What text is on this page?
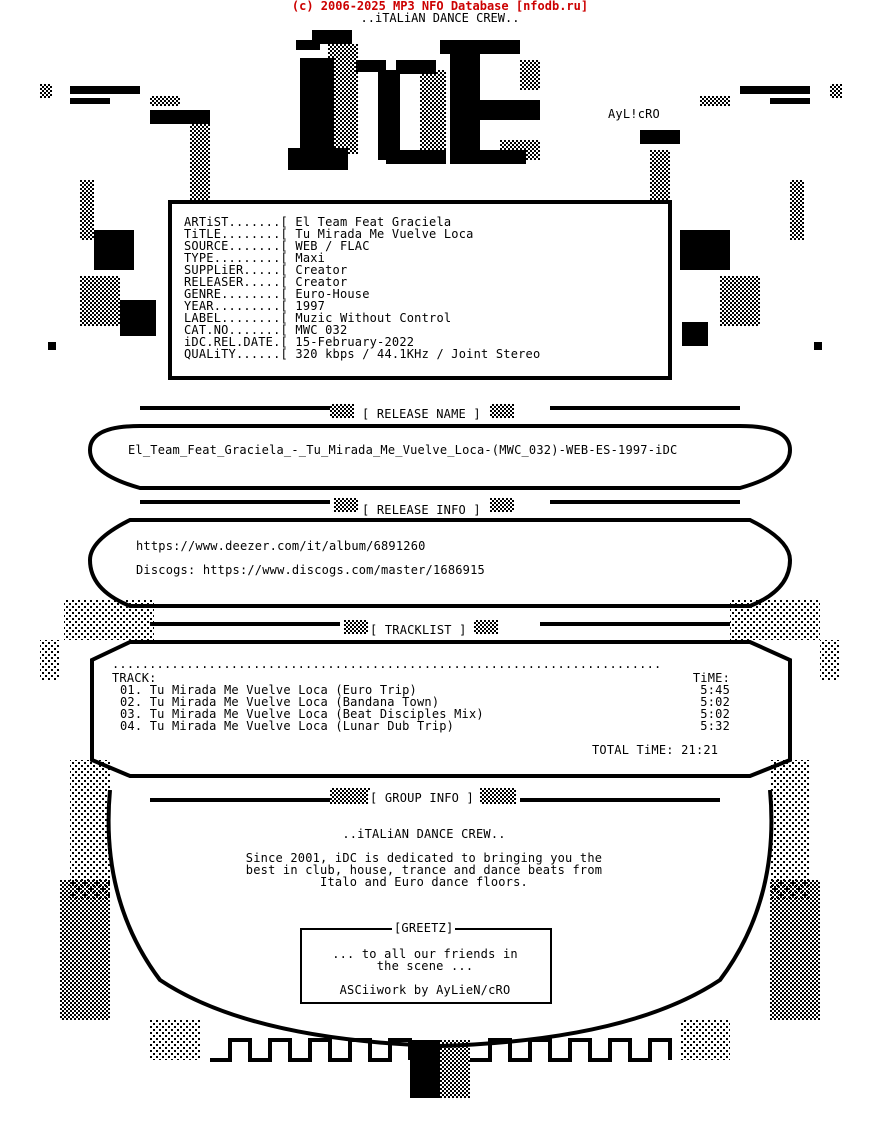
(c) 2006-2025 MP3 NFO Database [nfodb.ru]
..iTALiAN DANCE CREW..
AyL!cRO
ARTiST.......[ El Team Feat Graciela
TiTLE........[ Tu Mirada Me Vuelve Loca
SOURCE.......[ WEB / FLAC
TYPE.........[ Maxi
SUPPLiER.....[ Creator
RELEASER.....[ Creator
GENRE........[ Euro-House
YEAR.........[ 1997
LABEL........[ Muzic Without Control
CAT.NO.......[ MWC 032
iDC.REL.DATE.[ 15-February-2022
QUALiTY......[ 320 kbps / 44.1KHz / Joint Stereo
[ RELEASE NAME ]
El_Team_Feat_Graciela_-_Tu_Mirada_Me_Vuelve_Loca-(MWC_032)-WEB-ES-1997-iDC
[ RELEASE INFO ]
https://www.deezer.com/it/album/6891260
Discogs: https://www.discogs.com/master/1686915
[ TRACKLIST ]

TRACK:	TiME:

..........................................................................
01. Tu Mirada Me Vuelve Loca (Euro Trip)	5:45
02. Tu Mirada Me Vuelve Loca (Bandana Town)	5:02
03. Tu Mirada Me Vuelve Loca (Beat Disciples Mix)	5:02
04. Tu Mirada Me Vuelve Loca (Lunar Dub Trip)	5:32
TOTAL TiME: 21:21
[ GROUP INFO ]
..iTALiAN DANCE CREW..
Since 2001, iDC is dedicated to bringing you the
best in club, house, trance and dance beats from
Italo and Euro dance floors.
[GREETZ]
... to all our friends in
the scene ...
ASCiiwork by AyLieN/cRO
